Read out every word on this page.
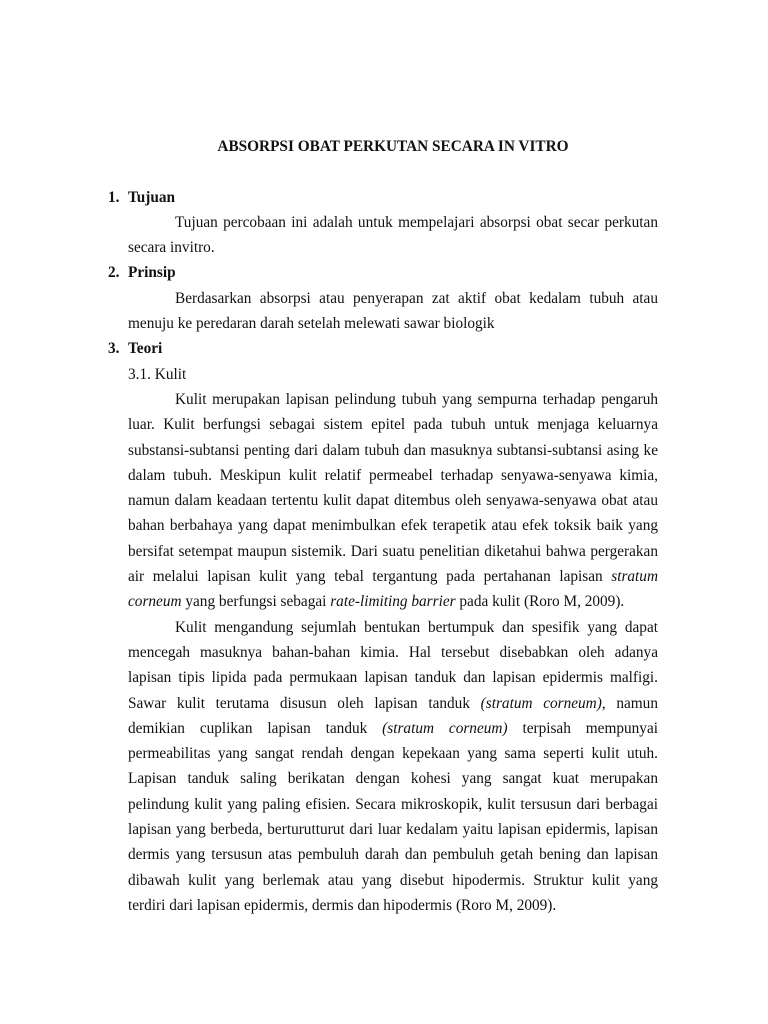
ABSORPSI OBAT PERKUTAN SECARA IN VITRO
1. Tujuan
Tujuan percobaan ini adalah untuk mempelajari absorpsi obat secar perkutan
secara invitro.
2. Prinsip
Berdasarkan absorpsi atau penyerapan zat aktif obat kedalam tubuh atau
menuju ke peredaran darah setelah melewati sawar biologik
3. Teori
3.1. Kulit
Kulit merupakan lapisan pelindung tubuh yang sempurna terhadap pengaruh
luar. Kulit berfungsi sebagai sistem epitel pada tubuh untuk menjaga keluarnya
substansi-subtansi penting dari dalam tubuh dan masuknya subtansi-subtansi asing ke
dalam tubuh. Meskipun kulit relatif permeabel terhadap senyawa-senyawa kimia,
namun dalam keadaan tertentu kulit dapat ditembus oleh senyawa-senyawa obat atau
bahan berbahaya yang dapat menimbulkan efek terapetik atau efek toksik baik yang
bersifat setempat maupun sistemik. Dari suatu penelitian diketahui bahwa pergerakan
air melalui lapisan kulit yang tebal tergantung pada pertahanan lapisan stratum
corneum yang berfungsi sebagai rate-limiting barrier pada kulit (Roro M, 2009).
Kulit mengandung sejumlah bentukan bertumpuk dan spesifik yang dapat
mencegah masuknya bahan-bahan kimia. Hal tersebut disebabkan oleh adanya
lapisan tipis lipida pada permukaan lapisan tanduk dan lapisan epidermis malfigi.
Sawar kulit terutama disusun oleh lapisan tanduk (stratum corneum), namun
demikian cuplikan lapisan tanduk (stratum corneum) terpisah mempunyai
permeabilitas yang sangat rendah dengan kepekaan yang sama seperti kulit utuh.
Lapisan tanduk saling berikatan dengan kohesi yang sangat kuat merupakan
pelindung kulit yang paling efisien. Secara mikroskopik, kulit tersusun dari berbagai
lapisan yang berbeda, berturutturut dari luar kedalam yaitu lapisan epidermis, lapisan
dermis yang tersusun atas pembuluh darah dan pembuluh getah bening dan lapisan
dibawah kulit yang berlemak atau yang disebut hipodermis. Struktur kulit yang
terdiri dari lapisan epidermis, dermis dan hipodermis (Roro M, 2009).
